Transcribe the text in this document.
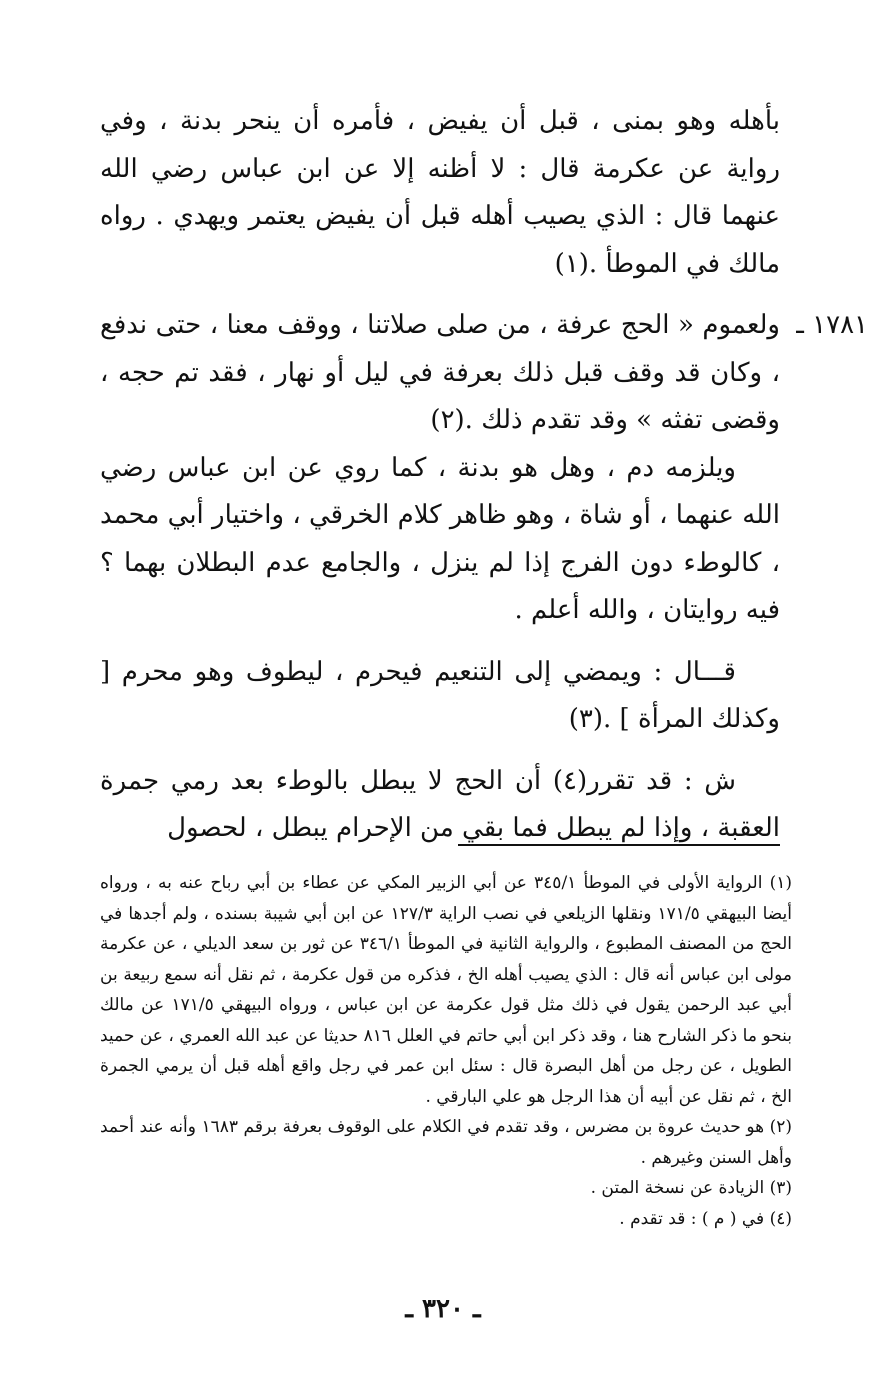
بأهله وهو بمنى ، قبل أن يفيض ، فأمره أن ينحر بدنة ، وفي رواية عن عكرمة قال : لا أظنه إلا عن ابن عباس رضي الله عنهما قال : الذي يصيب أهله قبل أن يفيض يعتمر ويهدي . رواه مالك في الموطأ .(١)

١٧٨١ ـ

ولعموم « الحج عرفة ، من صلى صلاتنا ، ووقف معنا ، حتى ندفع ، وكان قد وقف قبل ذلك بعرفة في ليل أو نهار ، فقد تم حجه ، وقضى تفثه » وقد تقدم ذلك .(٢)

ويلزمه دم ، وهل هو بدنة ، كما روي عن ابن عباس رضي الله عنهما ، أو شاة ، وهو ظاهر كلام الخرقي ، واختيار أبي محمد ، كالوطء دون الفرج إذا لم ينزل ، والجامع عدم البطلان بهما ؟ فيه روايتان ، والله أعلم .

قـــال : ويمضي إلى التنعيم فيحرم ، ليطوف وهو محرم [ وكذلك المرأة ] .(٣)

ش : قد تقرر(٤) أن الحج لا يبطل بالوطء بعد رمي جمرة العقبة ، وإذا لم يبطل فما بقي من الإحرام يبطل ، لحصول

(١) الرواية الأولى في الموطأ ٣٤٥/١ عن أبي الزبير المكي عن عطاء بن أبي رباح عنه به ، ورواه أيضا البيهقي ١٧١/٥ ونقلها الزيلعي في نصب الراية ١٢٧/٣ عن ابن أبي شيبة بسنده ، ولم أجدها في الحج من المصنف المطبوع ، والرواية الثانية في الموطأ ٣٤٦/١ عن ثور بن سعد الديلي ، عن عكرمة مولى ابن عباس أنه قال : الذي يصيب أهله الخ ، فذكره من قول عكرمة ، ثم نقل أنه سمع ربيعة بن أبي عبد الرحمن يقول في ذلك مثل قول عكرمة عن ابن عباس ، ورواه البيهقي ١٧١/٥ عن مالك بنحو ما ذكر الشارح هنا ، وقد ذكر ابن أبي حاتم في العلل ٨١٦ حديثا عن عبد الله العمري ، عن حميد الطويل ، عن رجل من أهل البصرة قال : سئل ابن عمر في رجل واقع أهله قبل أن يرمي الجمرة الخ ، ثم نقل عن أبيه أن هذا الرجل هو علي البارقي .

(٢) هو حديث عروة بن مضرس ، وقد تقدم في الكلام على الوقوف بعرفة برقم ١٦٨٣ وأنه عند أحمد وأهل السنن وغيرهم .

(٣) الزيادة عن نسخة المتن .

(٤) في ( م ) : قد تقدم .

ـ ٣٢٠ ـ
